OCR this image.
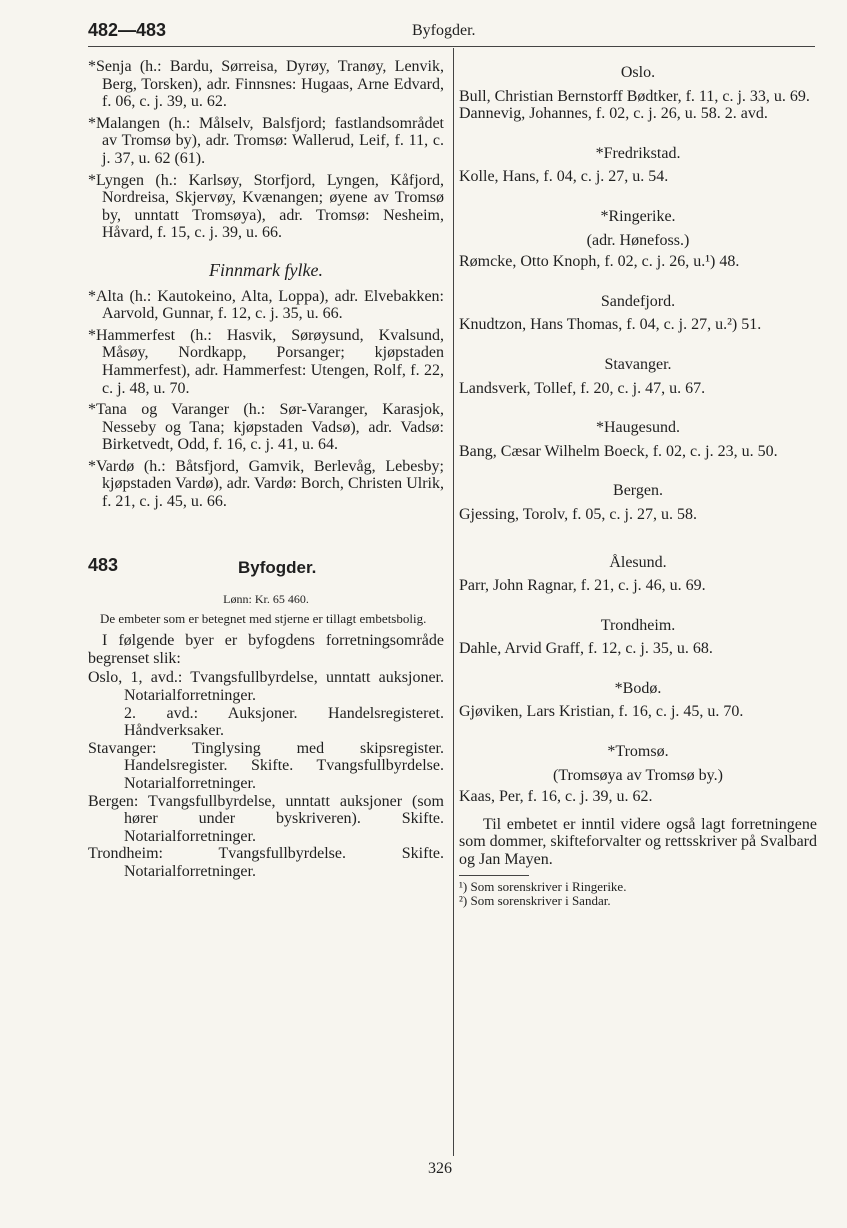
482—483	Byfogder.

*Senja (h.: Bardu, Sørreisa, Dyrøy, Tranøy, Lenvik, Berg, Torsken), adr. Finnsnes: Hugaas, Arne Edvard, f. 06, c. j. 39, u. 62.

*Malangen (h.: Målselv, Balsfjord; fastlandsområdet av Tromsø by), adr. Tromsø: Wallerud, Leif, f. 11, c. j. 37, u. 62 (61).

*Lyngen (h.: Karlsøy, Storfjord, Lyngen, Kåfjord, Nordreisa, Skjervøy, Kvænangen; øyene av Tromsø by, unntatt Tromsøya), adr. Tromsø: Nesheim, Håvard, f. 15, c. j. 39, u. 66.

Finnmark fylke.

*Alta (h.: Kautokeino, Alta, Loppa), adr. Elvebakken: Aarvold, Gunnar, f. 12, c. j. 35, u. 66.

*Hammerfest (h.: Hasvik, Sørøysund, Kvalsund, Måsøy, Nordkapp, Porsanger; kjøpstaden Hammerfest), adr. Hammerfest: Utengen, Rolf, f. 22, c. j. 48, u. 70.

*Tana og Varanger (h.: Sør-Varanger, Karasjok, Nesseby og Tana; kjøpstaden Vadsø), adr. Vadsø: Birketvedt, Odd, f. 16, c. j. 41, u. 64.

*Vardø (h.: Båtsfjord, Gamvik, Berlevåg, Lebesby; kjøpstaden Vardø), adr. Vardø: Borch, Christen Ulrik, f. 21, c. j. 45, u. 66.

483	Byfogder.
Lønn: Kr. 65 460.

De embeter som er betegnet med stjerne er tillagt embetsbolig.

I følgende byer er byfogdens forretningsområde begrenset slik:

Oslo, 1, avd.: Tvangsfullbyrdelse, unntatt auksjoner. Notarialforretninger.

2. avd.: Auksjoner. Handelsregisteret. Håndverksaker.

Stavanger: Tinglysing med skipsregister. Handelsregister. Skifte. Tvangsfullbyrdelse. Notarialforretninger.

Bergen: Tvangsfullbyrdelse, unntatt auksjoner (som hører under byskriveren). Skifte. Notarialforretninger.

Trondheim: Tvangsfullbyrdelse. Skifte. Notarialforretninger.

Oslo.

Bull, Christian Bernstorff Bødtker, f. 11, c. j. 33, u. 69.

Dannevig, Johannes, f. 02, c. j. 26, u. 58. 2. avd.

*Fredrikstad.

Kolle, Hans, f. 04, c. j. 27, u. 54.

*Ringerike.
(adr. Hønefoss.)

Rømcke, Otto Knoph, f. 02, c. j. 26, u.¹) 48.

Sandefjord.

Knudtzon, Hans Thomas, f. 04, c. j. 27, u.²) 51.

Stavanger.

Landsverk, Tollef, f. 20, c. j. 47, u. 67.

*Haugesund.

Bang, Cæsar Wilhelm Boeck, f. 02, c. j. 23, u. 50.

Bergen.

Gjessing, Torolv, f. 05, c. j. 27, u. 58.

Ålesund.

Parr, John Ragnar, f. 21, c. j. 46, u. 69.

Trondheim.

Dahle, Arvid Graff, f. 12, c. j. 35, u. 68.

*Bodø.

Gjøviken, Lars Kristian, f. 16, c. j. 45, u. 70.

*Tromsø.
(Tromsøya av Tromsø by.)

Kaas, Per, f. 16, c. j. 39, u. 62.

Til embetet er inntil videre også lagt forretningene som dommer, skifteforvalter og rettsskriver på Svalbard og Jan Mayen.

¹) Som sorenskriver i Ringerike.

²) Som sorenskriver i Sandar.

326
